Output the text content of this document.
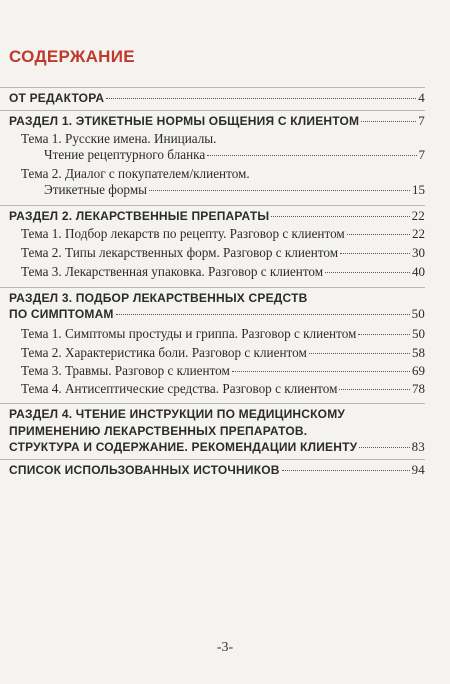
СОДЕРЖАНИЕ
ОТ РЕДАКТОРА	4
РАЗДЕЛ 1. ЭТИКЕТНЫЕ НОРМЫ ОБЩЕНИЯ С КЛИЕНТОМ	7
Тема 1. Русские имена. Инициалы.
Чтение рецептурного бланка	7
Тема 2. Диалог с покупателем/клиентом.
Этикетные формы	15
РАЗДЕЛ 2. ЛЕКАРСТВЕННЫЕ ПРЕПАРАТЫ	22
Тема 1. Подбор лекарств по рецепту. Разговор с клиентом	22
Тема 2. Типы лекарственных форм. Разговор с клиентом	30
Тема 3. Лекарственная упаковка. Разговор с клиентом	40
РАЗДЕЛ 3. ПОДБОР ЛЕКАРСТВЕННЫХ СРЕДСТВ
ПО СИМПТОМАМ	50
Тема 1. Симптомы простуды и гриппа. Разговор с клиентом	50
Тема 2. Характеристика боли. Разговор с клиентом	58
Тема 3. Травмы. Разговор с клиентом	69
Тема 4. Антисептические средства. Разговор с клиентом	78
РАЗДЕЛ 4. ЧТЕНИЕ ИНСТРУКЦИИ ПО МЕДИЦИНСКОМУ
ПРИМЕНЕНИЮ ЛЕКАРСТВЕННЫХ ПРЕПАРАТОВ.
СТРУКТУРА И СОДЕРЖАНИЕ. РЕКОМЕНДАЦИИ КЛИЕНТУ	83
СПИСОК ИСПОЛЬЗОВАННЫХ ИСТОЧНИКОВ	94
-3-
